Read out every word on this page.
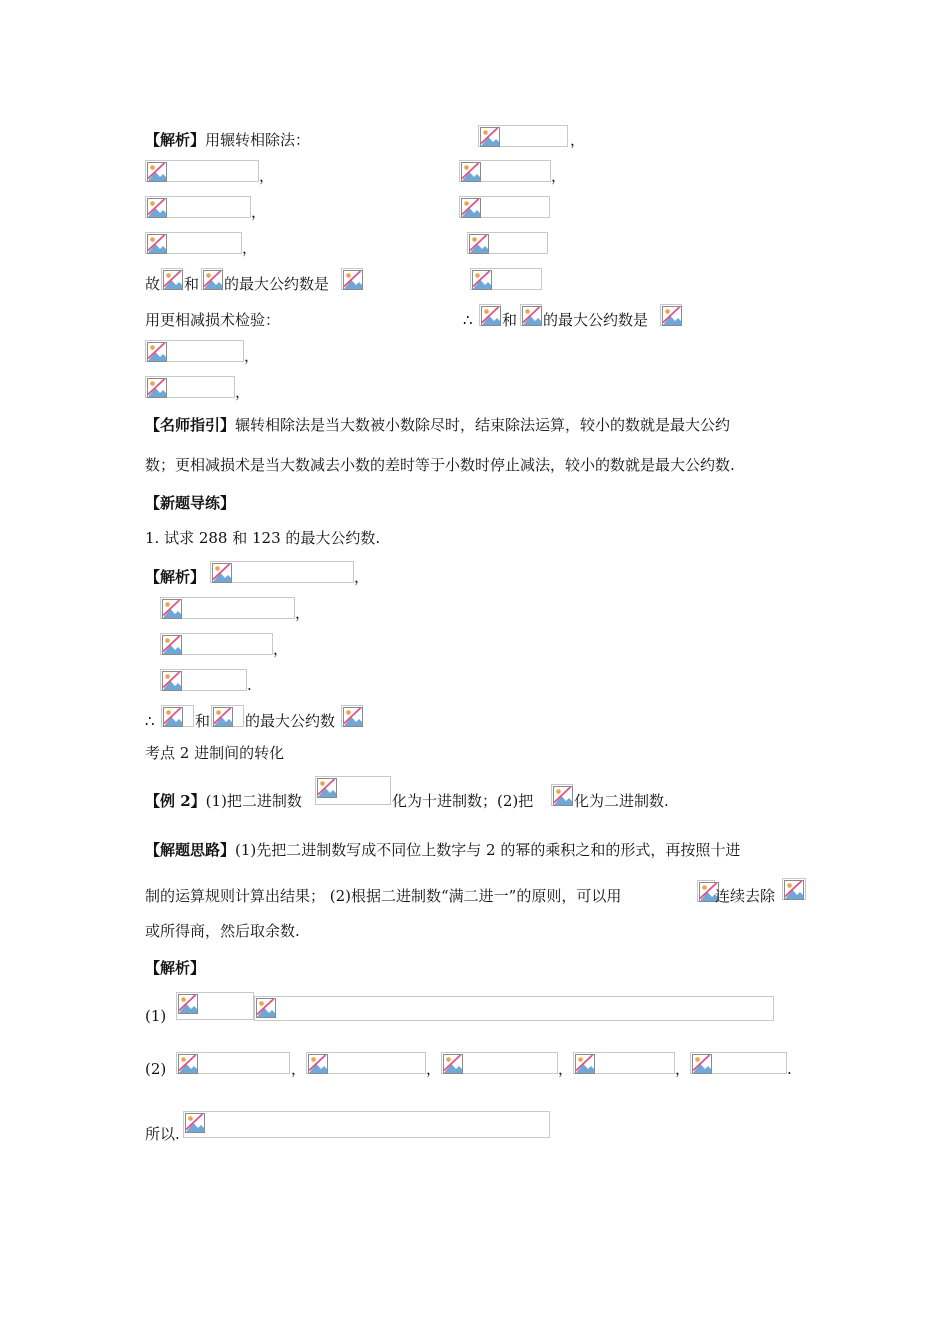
【解析】用辗转相除法：	，
，	，
，
，
故 和 的最大公约数是
用更相减损术检验：	∴ 和 的最大公约数是
，
，
【名师指引】辗转相除法是当大数被小数除尽时，结束除法运算，较小的数就是最大公约
数；更相减损术是当大数减去小数的差时等于小数时停止减法，较小的数就是最大公约数.
【新题导练】
1. 试求 288 和 123 的最大公约数.
【解析】	，
，
，
.
∴	和 的最大公约数
考点 2 进制间的转化
【例 2】(1)把二进制数	化为十进制数；(2)把	化为二进制数.
【解题思路】(1)先把二进制数写成不同位上数字与 2 的幂的乘积之和的形式，再按照十进
制的运算规则计算出结果； (2)根据二进制数“满二进一”的原则，可以用	连续去除
或所得商，然后取余数.
【解析】
(1)
(2)	，	，	，	，	.
所以.
